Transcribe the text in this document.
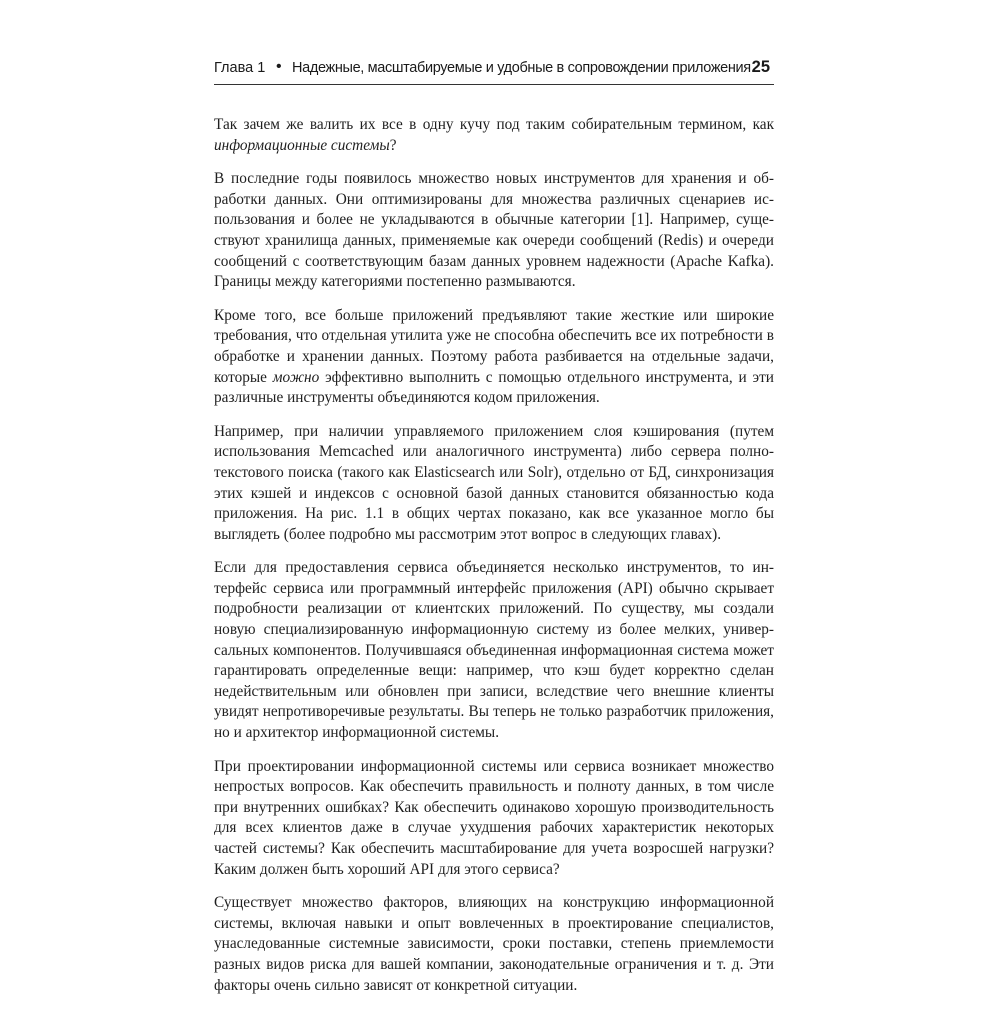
Глава 1 • Надежные, масштабируемые и удобные в сопровождении приложения 25

Так зачем же валить их все в одну кучу под таким собирательным термином, как информационные системы?

В последние годы появилось множество новых инструментов для хранения и обработки данных. Они оптимизированы для множества различных сценариев использования и более не укладываются в обычные категории [1]. Например, существуют хранилища данных, применяемые как очереди сообщений (Redis) и очереди сообщений с соответствующим базам данных уровнем надежности (Apache Kafka). Границы между категориями постепенно размываются.

Кроме того, все больше приложений предъявляют такие жесткие или широкие требования, что отдельная утилита уже не способна обеспечить все их потребности в обработке и хранении данных. Поэтому работа разбивается на отдельные задачи, которые можно эффективно выполнить с помощью отдельного инструмента, и эти различные инструменты объединяются кодом приложения.

Например, при наличии управляемого приложением слоя кэширования (путем использования Memcached или аналогичного инструмента) либо сервера полнотекстового поиска (такого как Elasticsearch или Solr), отдельно от БД, синхронизация этих кэшей и индексов с основной базой данных становится обязанностью кода приложения. На рис. 1.1 в общих чертах показано, как все указанное могло бы выглядеть (более подробно мы рассмотрим этот вопрос в следующих главах).

Если для предоставления сервиса объединяется несколько инструментов, то интерфейс сервиса или программный интерфейс приложения (API) обычно скрывает подробности реализации от клиентских приложений. По существу, мы создали новую специализированную информационную систему из более мелких, универсальных компонентов. Получившаяся объединенная информационная система может гарантировать определенные вещи: например, что кэш будет корректно сделан недействительным или обновлен при записи, вследствие чего внешние клиенты увидят непротиворечивые результаты. Вы теперь не только разработчик приложения, но и архитектор информационной системы.

При проектировании информационной системы или сервиса возникает множество непростых вопросов. Как обеспечить правильность и полноту данных, в том числе при внутренних ошибках? Как обеспечить одинаково хорошую производительность для всех клиентов даже в случае ухудшения рабочих характеристик некоторых частей системы? Как обеспечить масштабирование для учета возросшей нагрузки? Каким должен быть хороший API для этого сервиса?

Существует множество факторов, влияющих на конструкцию информационной системы, включая навыки и опыт вовлеченных в проектирование специалистов, унаследованные системные зависимости, сроки поставки, степень приемлемости разных видов риска для вашей компании, законодательные ограничения и т. д. Эти факторы очень сильно зависят от конкретной ситуации.
